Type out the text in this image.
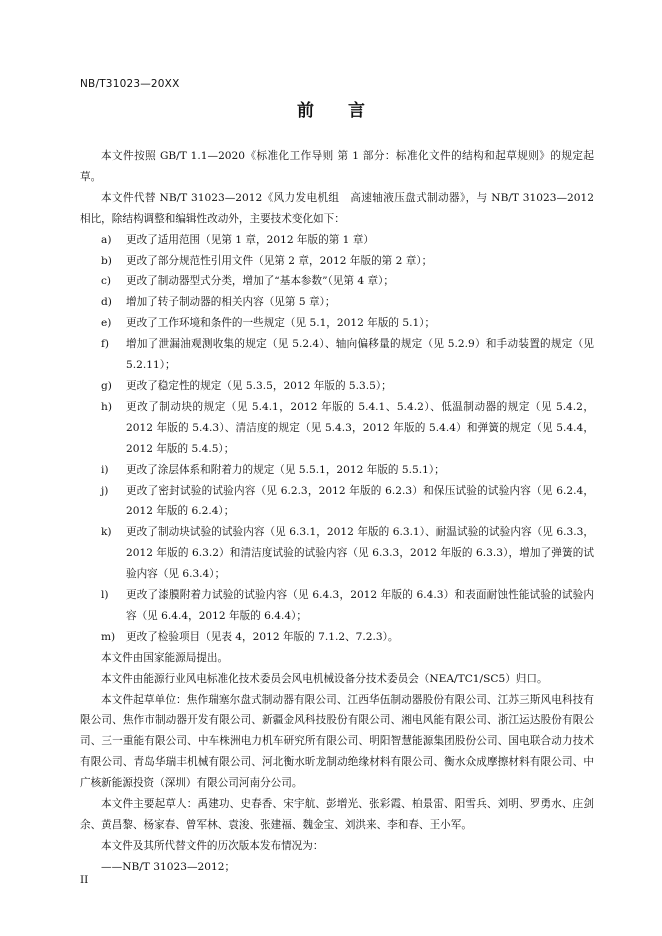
NB/T31023—20XX
前 言

本文件按照 GB/T 1.1—2020《标准化工作导则 第 1 部分：标准化文件的结构和起草规则》的规定起草。

本文件代替 NB/T 31023—2012《风力发电机组　高速轴液压盘式制动器》，与 NB/T 31023—2012 相比，除结构调整和编辑性改动外，主要技术变化如下：

a)	更改了适用范围（见第 1 章，2012 年版的第 1 章）
b)	更改了部分规范性引用文件（见第 2 章，2012 年版的第 2 章）；
c)	更改了制动器型式分类，增加了“基本参数”（见第 4 章）；
d)	增加了转子制动器的相关内容（见第 5 章）；
e)	更改了工作环境和条件的一些规定（见 5.1，2012 年版的 5.1）；
f)	增加了泄漏油观测收集的规定（见 5.2.4）、轴向偏移量的规定（见 5.2.9）和手动装置的规定（见 5.2.11）；
g)	更改了稳定性的规定（见 5.3.5，2012 年版的 5.3.5）；
h)	更改了制动块的规定（见 5.4.1，2012 年版的 5.4.1、5.4.2）、低温制动器的规定（见 5.4.2，2012 年版的 5.4.3）、清洁度的规定（见 5.4.3，2012 年版的 5.4.4）和弹簧的规定（见 5.4.4，2012 年版的 5.4.5）；
i)	更改了涂层体系和附着力的规定（见 5.5.1，2012 年版的 5.5.1）；
j)	更改了密封试验的试验内容（见 6.2.3，2012 年版的 6.2.3）和保压试验的试验内容（见 6.2.4，2012 年版的 6.2.4）；
k)	更改了制动块试验的试验内容（见 6.3.1，2012 年版的 6.3.1）、耐温试验的试验内容（见 6.3.3，2012 年版的 6.3.2）和清洁度试验的试验内容（见 6.3.3，2012 年版的 6.3.3），增加了弹簧的试验内容（见 6.3.4）；
l)	更改了漆膜附着力试验的试验内容（见 6.4.3，2012 年版的 6.4.3）和表面耐蚀性能试验的试验内容（见 6.4.4，2012 年版的 6.4.4）；
m)	更改了检验项目（见表 4，2012 年版的 7.1.2、7.2.3）。

本文件由国家能源局提出。

本文件由能源行业风电标准化技术委员会风电机械设备分技术委员会（NEA/TC1/SC5）归口。

本文件起草单位：焦作瑞塞尔盘式制动器有限公司、江西华伍制动器股份有限公司、江苏三斯风电科技有限公司、焦作市制动器开发有限公司、新疆金风科技股份有限公司、湘电风能有限公司、浙江运达股份有限公司、三一重能有限公司、中车株洲电力机车研究所有限公司、明阳智慧能源集团股份公司、国电联合动力技术有限公司、青岛华瑞丰机械有限公司、河北衡水昕龙制动绝缘材料有限公司、衡水众成摩擦材料有限公司、中广核新能源投资（深圳）有限公司河南分公司。

本文件主要起草人：禹建功、史春香、宋宇航、彭增光、张彩霞、柏景雷、阳雪兵、刘明、罗勇水、庄剑余、黄昌黎、杨家春、曾军林、袁浚、张建福、魏金宝、刘洪来、李和春、王小军。

本文件及其所代替文件的历次版本发布情况为：

——NB/T 31023—2012；

II
